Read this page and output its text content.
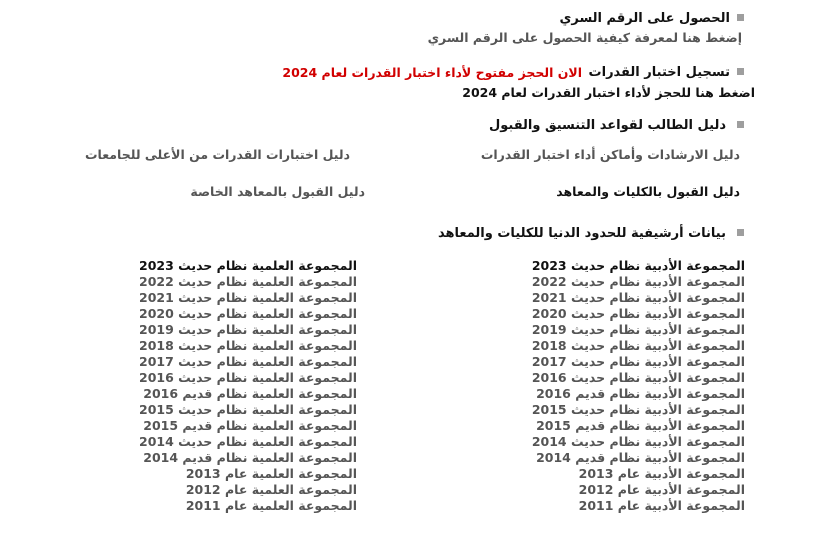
الحصول على الرقم السري
إضغط هنا لمعرفة كيفية الحصول على الرقم السري
تسجيل اختبار القدرات
الان الحجز مفتوح لأداء اختبار القدرات لعام 2024
اضغط هنا للحجز لأداء اختبار القدرات لعام 2024
دليل الطالب لقواعد التنسيق والقبول
دليل الارشادات وأماكن أداء اختبار القدرات
دليل اختبارات القدرات من الأعلى للجامعات
دليل القبول بالكليات والمعاهد
دليل القبول بالمعاهد الخاصة
بيانات أرشيفية للحدود الدنيا للكليات والمعاهد
المجموعة الأدبية نظام حديث 2023
المجموعة الأدبية نظام حديث 2022
المجموعة الأدبية نظام حديث 2021
المجموعة الأدبية نظام حديث 2020
المجموعة الأدبية نظام حديث 2019
المجموعة الأدبية نظام حديث 2018
المجموعة الأدبية نظام حديث 2017
المجموعة الأدبية نظام حديث 2016
المجموعة الأدبية نظام قديم 2016
المجموعة الأدبية نظام حديث 2015
المجموعة الأدبية نظام قديم 2015
المجموعة الأدبية نظام حديث 2014
المجموعة الأدبية نظام قديم 2014
المجموعة الأدبية عام 2013
المجموعة الأدبية عام 2012
المجموعة الأدبية عام 2011
المجموعة العلمية نظام حديث 2023
المجموعة العلمية نظام حديث 2022
المجموعة العلمية نظام حديث 2021
المجموعة العلمية نظام حديث 2020
المجموعة العلمية نظام حديث 2019
المجموعة العلمية نظام حديث 2018
المجموعة العلمية نظام حديث 2017
المجموعة العلمية نظام حديث 2016
المجموعة العلمية نظام قديم 2016
المجموعة العلمية نظام حديث 2015
المجموعة العلمية نظام قديم 2015
المجموعة العلمية نظام حديث 2014
المجموعة العلمية نظام قديم 2014
المجموعة العلمية عام 2013
المجموعة العلمية عام 2012
المجموعة العلمية عام 2011
